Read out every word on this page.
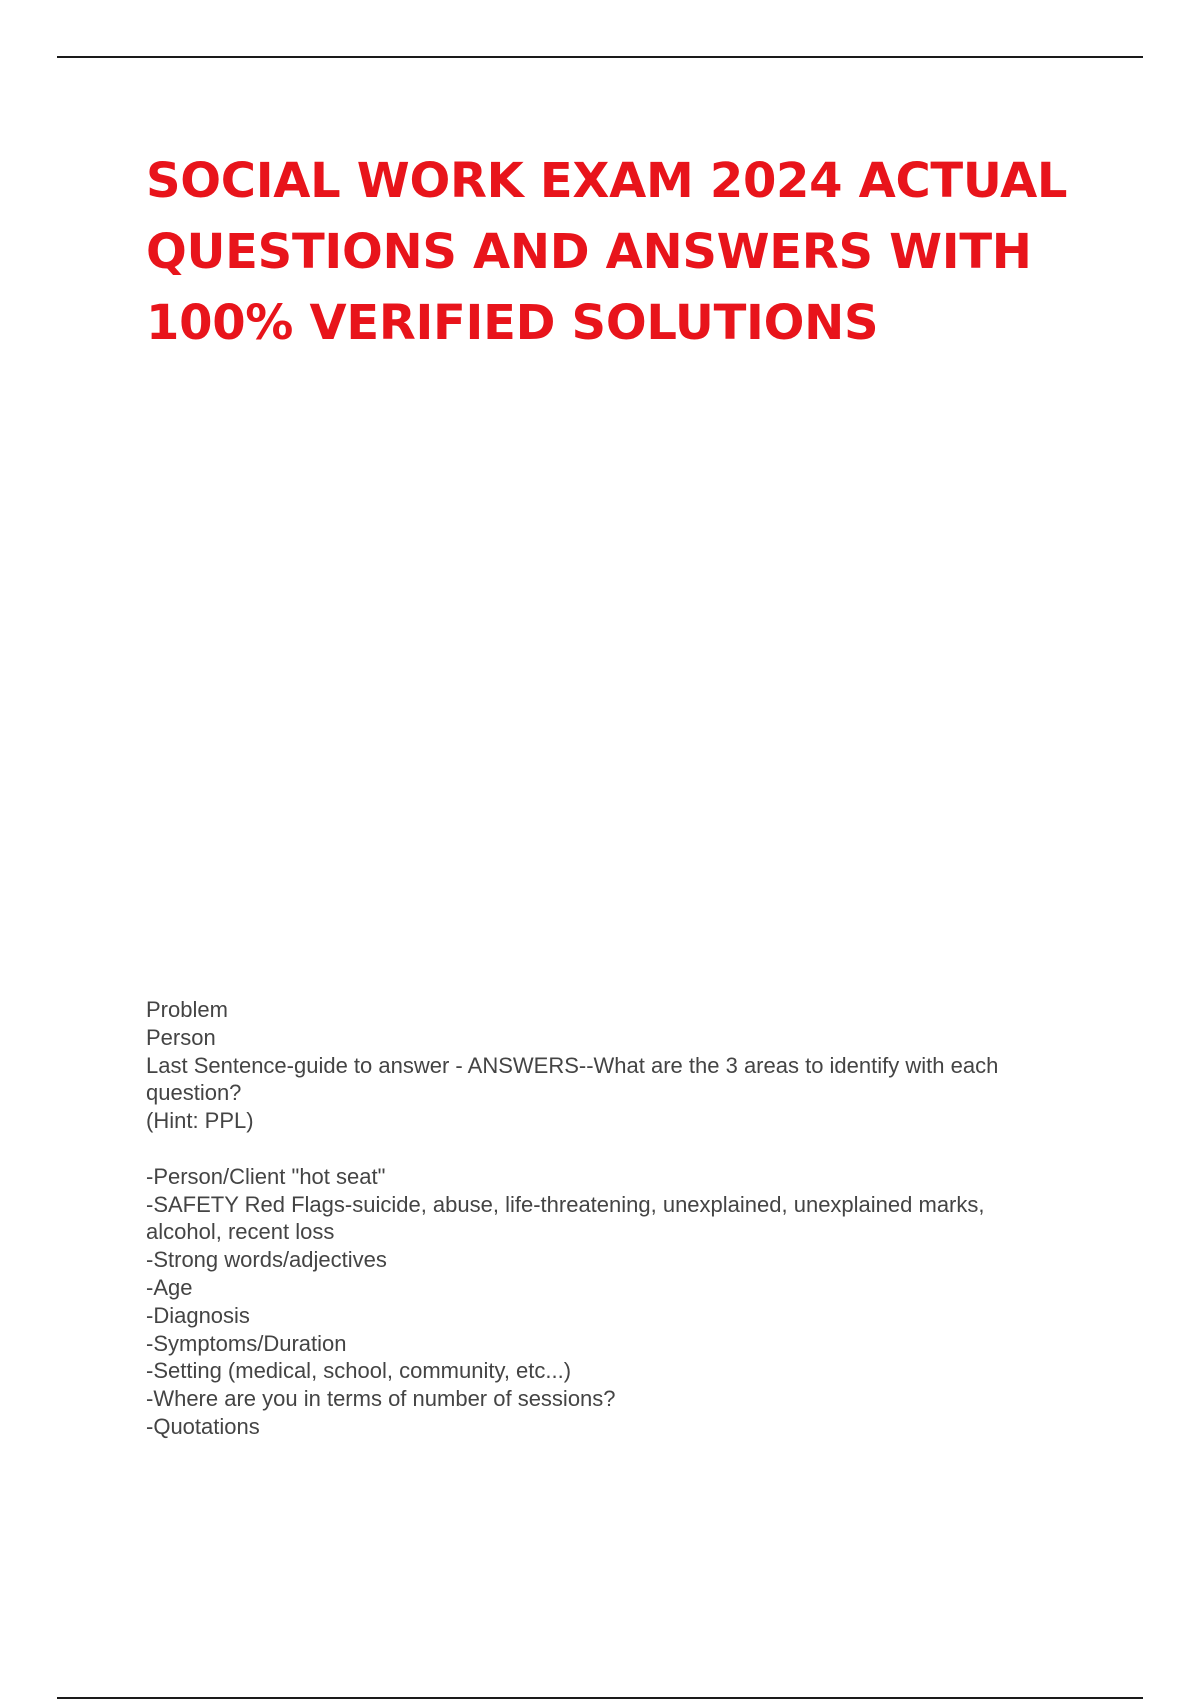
SOCIAL WORK EXAM 2024 ACTUAL
QUESTIONS AND ANSWERS WITH
100% VERIFIED SOLUTIONS
Problem
Person
Last Sentence-guide to answer - ANSWERS--What are the 3 areas to identify with each
question?
(Hint: PPL)
-Person/Client "hot seat"
-SAFETY Red Flags-suicide, abuse, life-threatening, unexplained, unexplained marks,
alcohol, recent loss
-Strong words/adjectives
-Age
-Diagnosis
-Symptoms/Duration
-Setting (medical, school, community, etc...)
-Where are you in terms of number of sessions?
-Quotations
